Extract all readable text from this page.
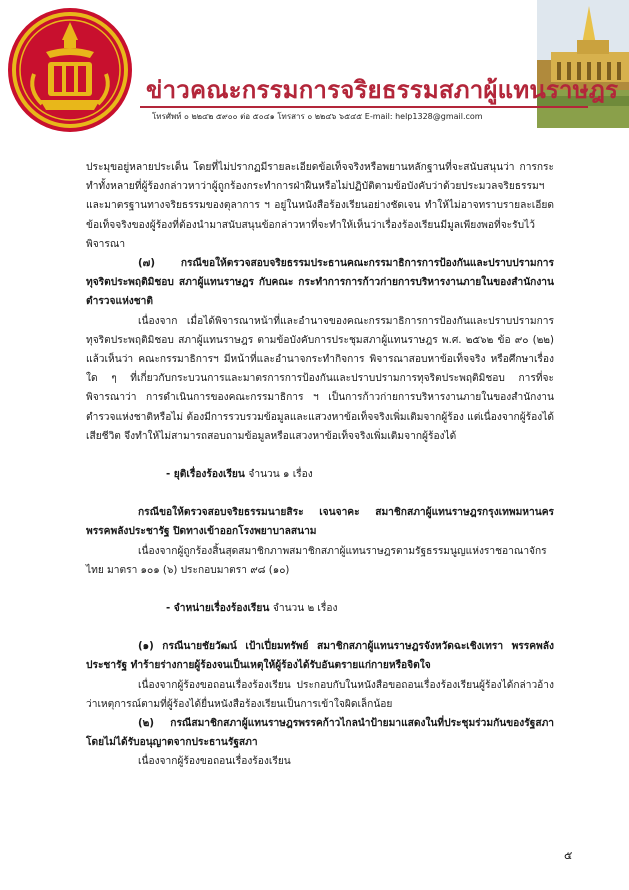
ข่าวคณะกรรมการจริยธรรมสภาผู้แทนราษฎร
โทรศัพท์ ๐ ๒๒๔๒ ๕๙๐๐ ต่อ ๕๐๔๑ โทรสาร ๐ ๒๒๔๖ ๖๕๔๕ E-mail: help1328@gmail.com

ประมุขอยู่หลายประเด็น โดยที่ไม่ปรากฏมีรายละเอียดข้อเท็จจริงหรือพยานหลักฐานที่จะสนับสนุนว่า การกระทำทั้งหลายที่ผู้ร้องกล่าวหาว่าผู้ถูกร้องกระทำการฝ่าฝืนหรือไม่ปฏิบัติตามข้อบังคับว่าด้วยประมวลจริยธรรมฯ และมาตรฐานทางจริยธรรมของตุลาการ ฯ อยู่ในหนังสือร้องเรียนอย่างชัดเจน ทำให้ไม่อาจทราบรายละเอียดข้อเท็จจริงของผู้ร้องที่ต้องนำมาสนับสนุนข้อกล่าวหาที่จะทำให้เห็นว่าเรื่องร้องเรียนมีมูลเพียงพอที่จะรับไว้พิจารณา

(๗) กรณีขอให้ตรวจสอบจริยธรรมประธานคณะกรรมาธิการการป้องกันและปราบปรามการทุจริตประพฤติมิชอบ สภาผู้แทนราษฎร กับคณะ กระทำการการก้าวก่ายการบริหารงานภายในของสำนักงานตำรวจแห่งชาติ

เนื่องจาก เมื่อได้พิจารณาหน้าที่และอำนาจของคณะกรรมาธิการการป้องกันและปราบปรามการทุจริตประพฤติมิชอบ สภาผู้แทนราษฎร ตามข้อบังคับการประชุมสภาผู้แทนราษฎร พ.ศ. ๒๕๖๒ ข้อ ๙๐ (๒๒) แล้วเห็นว่า คณะกรรมาธิการฯ มีหน้าที่และอำนาจกระทำกิจการ พิจารณาสอบหาข้อเท็จจริง หรือศึกษาเรื่องใด ๆ ที่เกี่ยวกับกระบวนการและมาตรการการป้องกันและปราบปรามการทุจริตประพฤติมิชอบ การที่จะพิจารณาว่า การดำเนินการของคณะกรรมาธิการ ฯ เป็นการก้าวก่ายการบริหารงานภายในของสำนักงานตำรวจแห่งชาติหรือไม่ ต้องมีการรวบรวมข้อมูลและแสวงหาข้อเท็จจริงเพิ่มเติมจากผู้ร้อง แต่เนื่องจากผู้ร้องได้เสียชีวิต จึงทำให้ไม่สามารถสอบถามข้อมูลหรือแสวงหาข้อเท็จจริงเพิ่มเติมจากผู้ร้องได้

- ยุติเรื่องร้องเรียน จำนวน ๑ เรื่อง

กรณีขอให้ตรวจสอบจริยธรรมนายสิระ เจนจาคะ สมาชิกสภาผู้แทนราษฎรกรุงเทพมหานคร พรรคพลังประชารัฐ ปิดทางเข้าออกโรงพยาบาลสนาม

เนื่องจากผู้ถูกร้องสิ้นสุดสมาชิกภาพสมาชิกสภาผู้แทนราษฎรตามรัฐธรรมนูญแห่งราชอาณาจักรไทย มาตรา ๑๐๑ (๖) ประกอบมาตรา ๙๘ (๑๐)

- จำหน่ายเรื่องร้องเรียน จำนวน ๒ เรื่อง

(๑) กรณีนายชัยวัฒน์ เป้าเปี่ยมทรัพย์ สมาชิกสภาผู้แทนราษฎรจังหวัดฉะเชิงเทรา พรรคพลังประชารัฐ ทำร้ายร่างกายผู้ร้องจนเป็นเหตุให้ผู้ร้องได้รับอันตรายแก่กายหรือจิตใจ

เนื่องจากผู้ร้องขอถอนเรื่องร้องเรียน ประกอบกับในหนังสือขอถอนเรื่องร้องเรียนผู้ร้องได้กล่าวอ้างว่าเหตุการณ์ตามที่ผู้ร้องได้ยื่นหนังสือร้องเรียนเป็นการเข้าใจผิดเล็กน้อย

(๒) กรณีสมาชิกสภาผู้แทนราษฎรพรรคก้าวไกลนำป้ายมาแสดงในที่ประชุมร่วมกันของรัฐสภา โดยไม่ได้รับอนุญาตจากประธานรัฐสภา

เนื่องจากผู้ร้องขอถอนเรื่องร้องเรียน

๕
